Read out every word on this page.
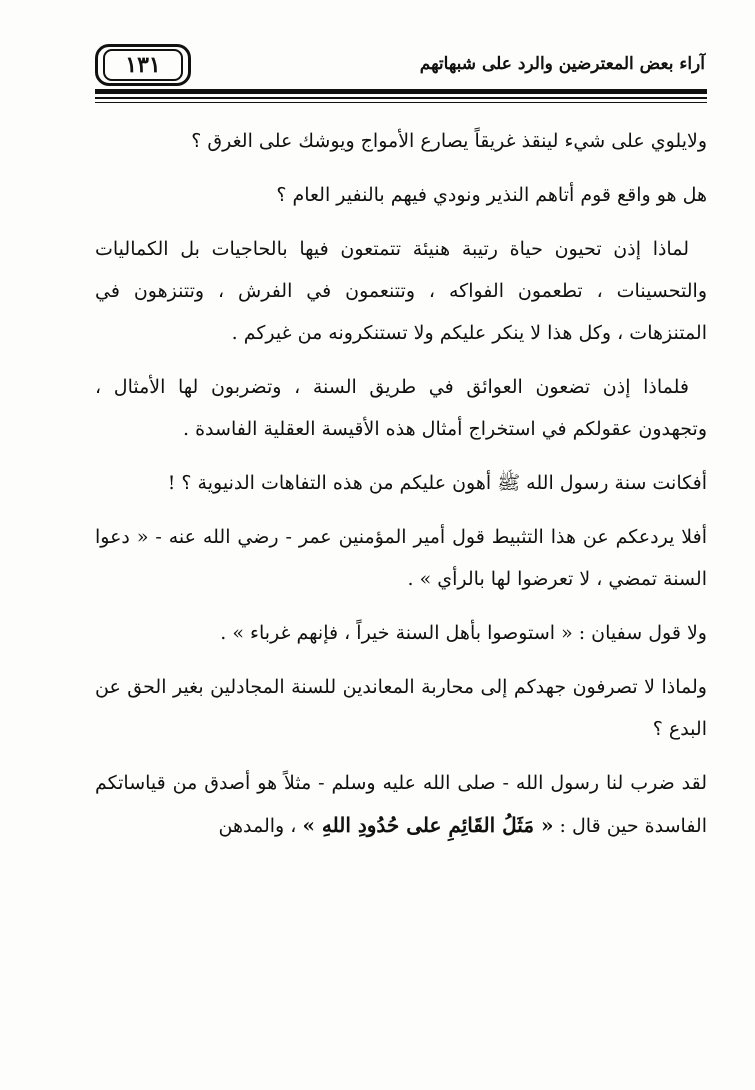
١٣١	آراء بعض المعترضين والرد على شبهاتهم

ولايلوي على شيء لينقذ غريقاً يصارع الأمواج ويوشك على الغرق ؟

هل هو واقع قوم أتاهم النذير ونودي فيهم بالنفير العام ؟

لماذا إذن تحيون حياة رتيبة هنيئة تتمتعون فيها بالحاجيات بل الكماليات والتحسينات ، تطعمون الفواكه ، وتتنعمون في الفرش ، وتتنزهون في المتنزهات ، وكل هذا لا ينكر عليكم ولا تستنكرونه من غيركم .

فلماذا إذن تضعون العوائق في طريق السنة ، وتضربون لها الأمثال ، وتجهدون عقولكم في استخراج أمثال هذه الأقيسة العقلية الفاسدة .

أفكانت سنة رسول الله ﷺ أهون عليكم من هذه التفاهات الدنيوية ؟ !

أفلا يردعكم عن هذا التثبيط قول أمير المؤمنين عمر - رضي الله عنه - « دعوا السنة تمضي ، لا تعرضوا لها بالرأي » .

ولا قول سفيان : « استوصوا بأهل السنة خيراً ، فإنهم غرباء » .

ولماذا لا تصرفون جهدكم إلى محاربة المعاندين للسنة المجادلين بغير الحق عن البدع ؟

لقد ضرب لنا رسول الله - صلى الله عليه وسلم - مثلاً هو أصدق من قياساتكم الفاسدة حين قال : « مَثَلُ القَائِمِ على حُدُودِ اللهِ » ، والمدهن
